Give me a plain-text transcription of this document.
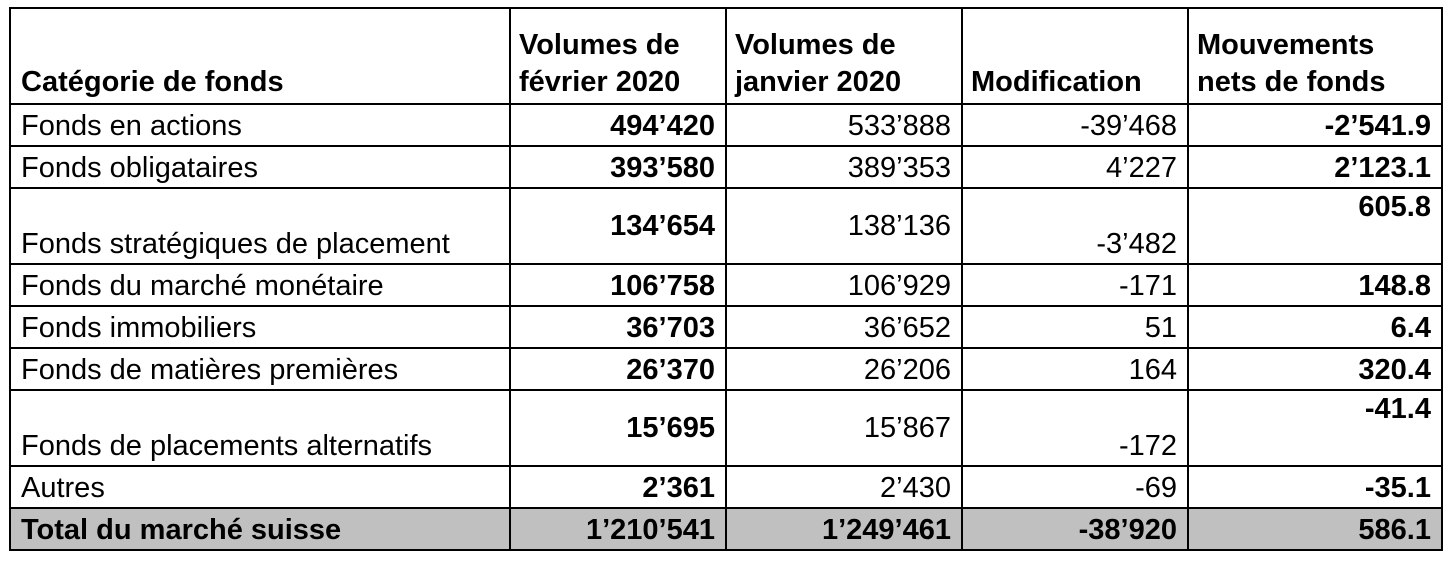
Catégorie de fonds	Volumes de février 2020	Volumes de janvier 2020	Modification	Mouvements nets de fonds
Fonds en actions	494’420	533’888	-39’468	-2’541.9
Fonds obligataires	393’580	389’353	4’227	2’123.1
Fonds stratégiques de placement	134’654	138’136	-3’482	605.8
Fonds du marché monétaire	106’758	106’929	-171	148.8
Fonds immobiliers	36’703	36’652	51	6.4
Fonds de matières premières	26’370	26’206	164	320.4
Fonds de placements alternatifs	15’695	15’867	-172	-41.4
Autres	2’361	2’430	-69	-35.1
Total du marché suisse	1’210’541	1’249’461	-38’920	586.1
